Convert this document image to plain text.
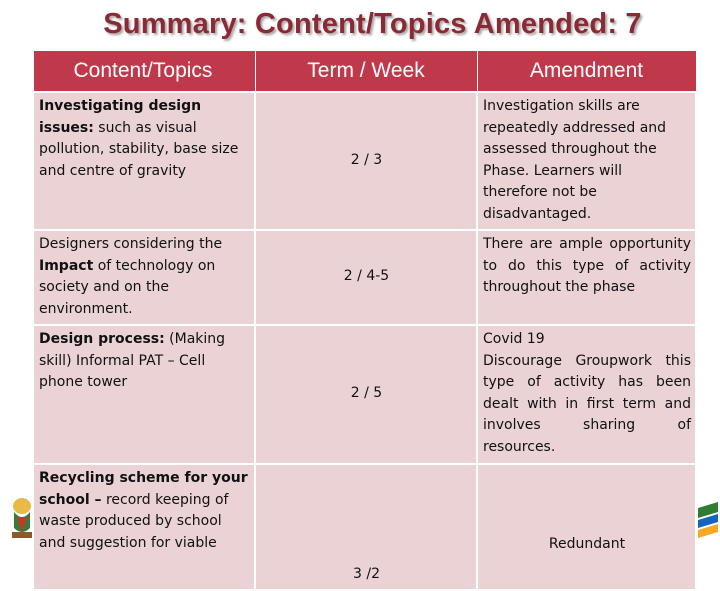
Summary: Content/Topics Amended: 7
Content/Topics	Term / Week	Amendment
Investigating design issues: such as visual pollution, stability, base size and centre of gravity	2 / 3	Investigation skills are repeatedly addressed and assessed throughout the Phase. Learners will therefore not be disadvantaged.
Designers considering the Impact of technology on society and on the environment.	2 / 4-5	There are ample opportunity to do this type of activity throughout the phase
Design process: (Making skill) Informal PAT – Cell phone tower	2 / 5	Covid 19
Discourage Groupwork this type of activity has been dealt with in first term and involves sharing of resources.

Recycling scheme for your school – record keeping of waste produced by school and suggestion for viable	3 /2	Redundant
